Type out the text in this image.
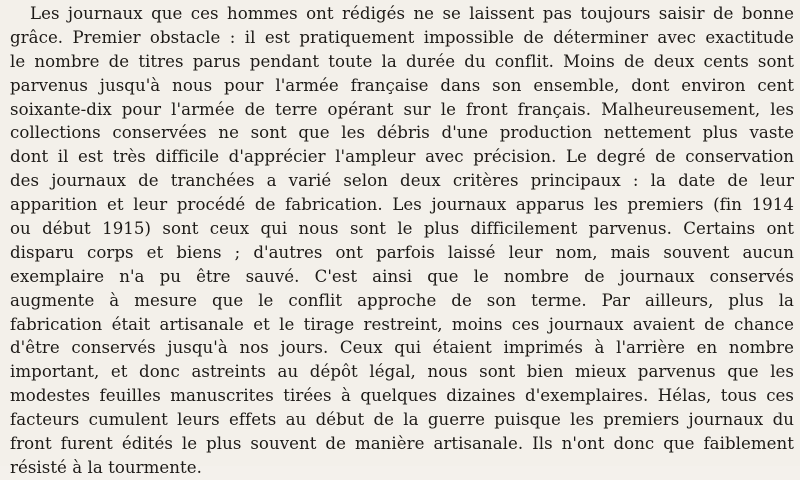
Les journaux que ces hommes ont rédigés ne se laissent pas toujours saisir de bonne
grâce. Premier obstacle : il est pratiquement impossible de déterminer avec exactitude
le nombre de titres parus pendant toute la durée du conflit. Moins de deux cents sont
parvenus jusqu'à nous pour l'armée française dans son ensemble, dont environ cent
soixante-dix pour l'armée de terre opérant sur le front français. Malheureusement, les
collections conservées ne sont que les débris d'une production nettement plus vaste
dont il est très difficile d'apprécier l'ampleur avec précision. Le degré de conservation
des journaux de tranchées a varié selon deux critères principaux : la date de leur
apparition et leur procédé de fabrication. Les journaux apparus les premiers (fin 1914
ou début 1915) sont ceux qui nous sont le plus difficilement parvenus. Certains ont
disparu corps et biens ; d'autres ont parfois laissé leur nom, mais souvent aucun
exemplaire n'a pu être sauvé. C'est ainsi que le nombre de journaux conservés
augmente à mesure que le conflit approche de son terme. Par ailleurs, plus la
fabrication était artisanale et le tirage restreint, moins ces journaux avaient de chance
d'être conservés jusqu'à nos jours. Ceux qui étaient imprimés à l'arrière en nombre
important, et donc astreints au dépôt légal, nous sont bien mieux parvenus que les
modestes feuilles manuscrites tirées à quelques dizaines d'exemplaires. Hélas, tous ces
facteurs cumulent leurs effets au début de la guerre puisque les premiers journaux du
front furent édités le plus souvent de manière artisanale. Ils n'ont donc que faiblement
résisté à la tourmente.
